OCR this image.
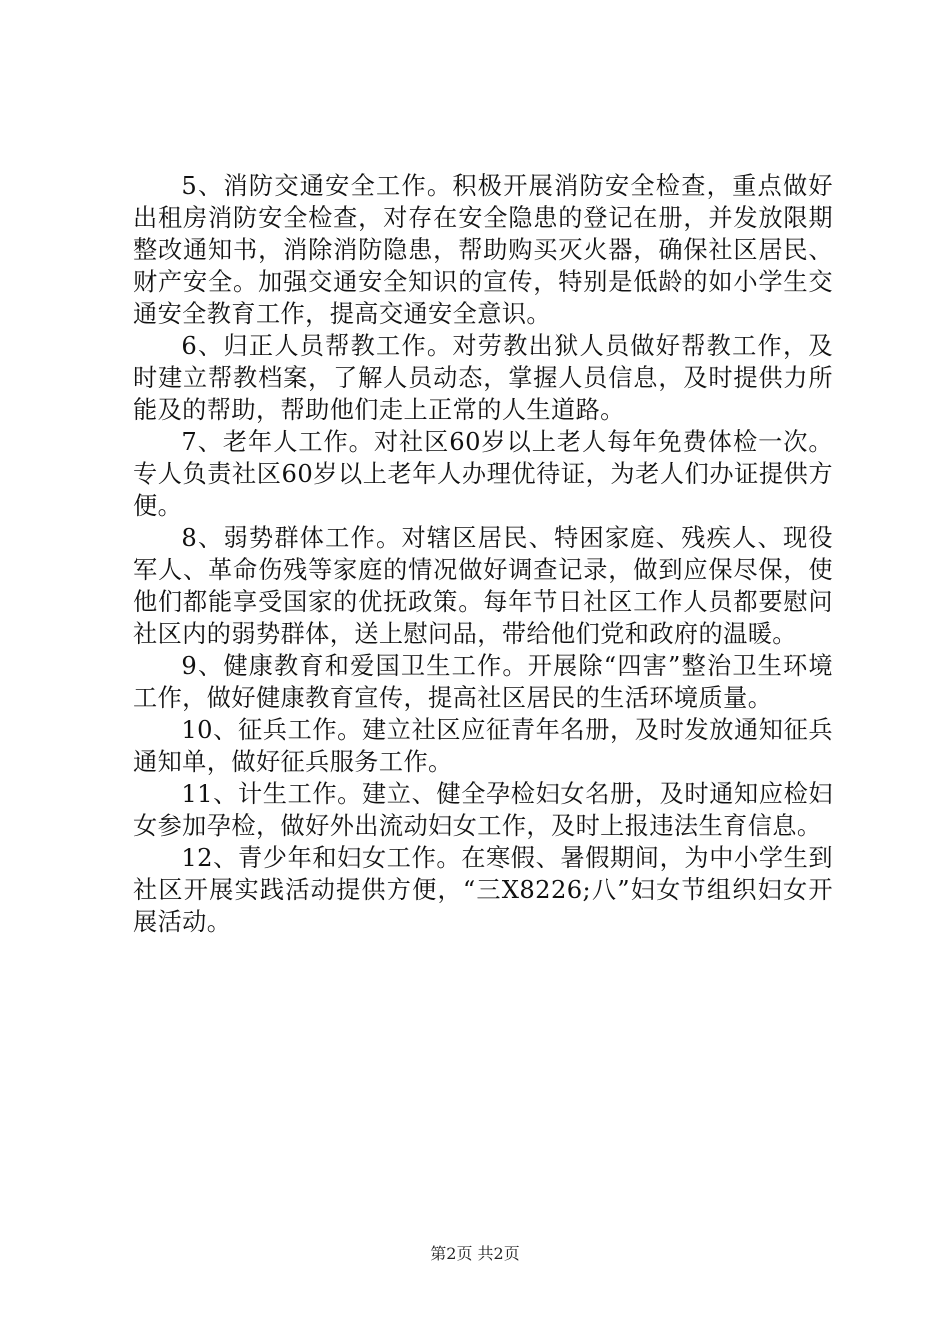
5、消防交通安全工作。积极开展消防安全检查，重点做好出租房消防安全检查，对存在安全隐患的登记在册，并发放限期整改通知书，消除消防隐患，帮助购买灭火器，确保社区居民、财产安全。加强交通安全知识的宣传，特别是低龄的如小学生交通安全教育工作，提高交通安全意识。

6、归正人员帮教工作。对劳教出狱人员做好帮教工作，及时建立帮教档案，了解人员动态，掌握人员信息，及时提供力所能及的帮助，帮助他们走上正常的人生道路。

7、老年人工作。对社区60岁以上老人每年免费体检一次。专人负责社区60岁以上老年人办理优待证，为老人们办证提供方便。

8、弱势群体工作。对辖区居民、特困家庭、残疾人、现役军人、革命伤残等家庭的情况做好调查记录，做到应保尽保，使他们都能享受国家的优抚政策。每年节日社区工作人员都要慰问社区内的弱势群体，送上慰问品，带给他们党和政府的温暖。

9、健康教育和爱国卫生工作。开展除“四害”整治卫生环境工作，做好健康教育宣传，提高社区居民的生活环境质量。

10、征兵工作。建立社区应征青年名册，及时发放通知征兵通知单，做好征兵服务工作。

11、计生工作。建立、健全孕检妇女名册，及时通知应检妇女参加孕检，做好外出流动妇女工作，及时上报违法生育信息。

12、青少年和妇女工作。在寒假、暑假期间，为中小学生到社区开展实践活动提供方便，“三X8226;八”妇女节组织妇女开展活动。

第2页 共2页
